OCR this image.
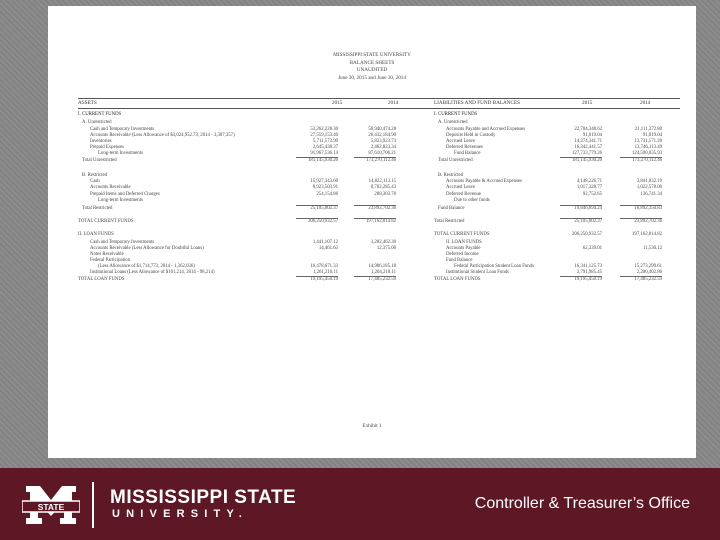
MISSISSIPPI STATE UNIVERSITY
BALANCE SHEETS
UNAUDITED
June 30, 2015 and June 30, 2014
ASSETS	2015	2014	LIABILITIES AND FUND BALANCES	2015	2014
Exhibit 1
I. CURRENT FUNDS
A. Unrestricted
Cash and Temporary Investments	53,262,228.30	50,940,474.28
Accounts Receivable (Less Allowance of $3,024,952.73, 2014 - 3,307,357)	27,559,153.40	26,432,184.90
Inventories	5,711,573.99	5,823,923.73
Prepaid Expenses	2,645,438.37	2,462,823.34
Long-term Investments	91,967,536.14	87,610,706.21
Total Unrestricted	181,145,930.20	173,270,112.46
B. Restricted
Cash	15,927,343.60	14,822,113.15
Accounts Receivable	8,923,503.91	8,782,285.43
Prepaid Items and Deferred Charges	254,154.86	288,303.78
Long-term Investments
Total Restricted	25,105,002.37	23,892,702.36
TOTAL CURRENT FUNDS	206,250,932.57	197,162,814.82
II. LOAN FUNDS
Cash and Temporary Investments	1,441,107.12	1,282,462.30
Accounts Receivable (Less Allowance for Doubtful Loans)	14,461.63	12,375.00
Notes Receivable
Federal Participation
(Less Allowance of $1,714,773, 2014 - 1,362,036)	16,478,671.33	14,986,185.18
Institutional Loans (Less Allowance of $101,214, 2014 - 98,214)	1,261,210.11	1,204,210.11
TOTAL LOAN FUNDS	19,195,450.19	17,485,232.59
I. CURRENT FUNDS
A. Unrestricted
Accounts Payable and Accrued Expenses	22,704,348.62	21,111,372.80
Deposits Held in Custody	91,019.04	91,019.04
Accrued Leave	14,274,341.71	13,731,571.20
Deferred Revenues	16,342,441.57	13,746,113.49
Fund Balance	127,733,779.26	124,590,035.93
Total Unrestricted	181,145,930.20	173,270,112.46
B. Restricted
Accounts Payable & Accrued Expenses	4,148,226.71	3,841,032.19
Accrued Leave	1,017,328.77	1,022,578.00
Deferred Revenue	92,752.65	136,741.34
Due to other funds
Fund Balance	19,846,694.24	18,892,350.83
Total Restricted	25,105,002.37	23,892,702.36
TOTAL CURRENT FUNDS	206,250,932.57	197,162,814.82
II. LOAN FUNDS
Accounts Payable	62,339.01	11,530.12
Deferred Income
Fund Balance
Federal Participation Student Loan Funds	16,341,125.73	15,273,299.61
Institutional Student Loan Funds	2,791,985.45	2,200,402.86
TOTAL LOAN FUNDS	19,195,450.19	17,485,232.59
STATE MISSISSIPPI STATE
UNIVERSITY.
Controller & Treasurer’s Office
